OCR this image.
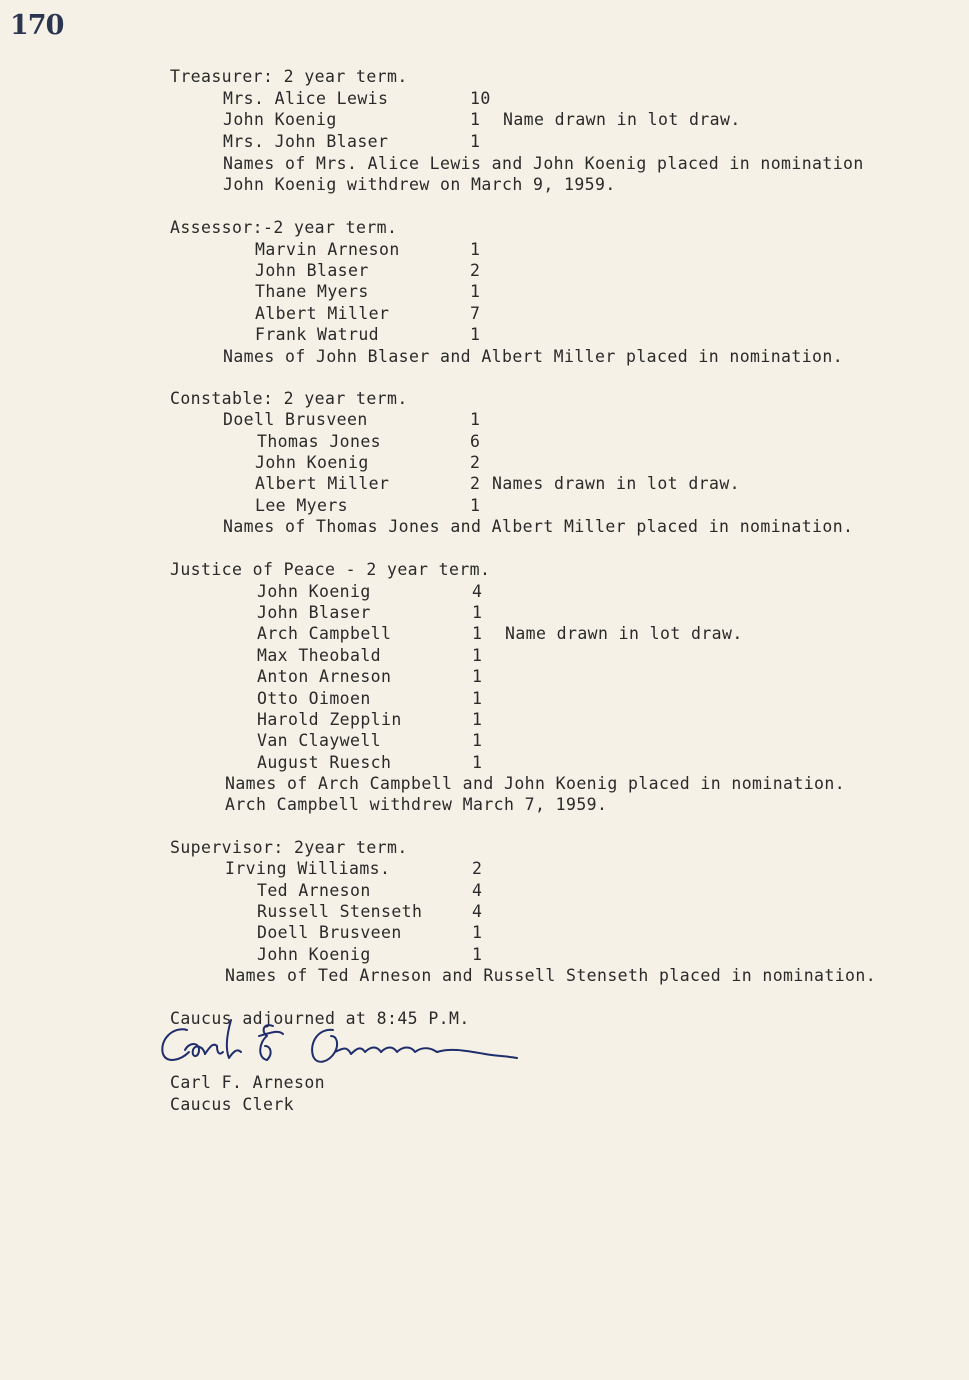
170
Treasurer: 2 year term.
Mrs. Alice Lewis	10
John Koenig	1 Name drawn in lot draw.
Mrs. John Blaser	1
Names of Mrs. Alice Lewis and John Koenig placed in nomination
John Koenig withdrew on March 9, 1959.
Assessor:-2 year term.
Marvin Arneson	1
John Blaser	2
Thane Myers	1
Albert Miller	7
Frank Watrud	1
Names of John Blaser and Albert Miller placed in nomination.
Constable: 2 year term.
Doell Brusveen	1
Thomas Jones	6
John Koenig	2
Albert Miller	2 Names drawn in lot draw.
Lee Myers	1
Names of Thomas Jones and Albert Miller placed in nomination.
Justice of Peace - 2 year term.
John Koenig	4
John Blaser	1
Arch Campbell	1 Name drawn in lot draw.
Max Theobald	1
Anton Arneson	1
Otto Oimoen	1
Harold Zepplin	1
Van Claywell	1
August Ruesch	1
Names of Arch Campbell and John Koenig placed in nomination.
Arch Campbell withdrew March 7, 1959.
Supervisor: 2year term.
Irving Williams.	2
Ted Arneson	4
Russell Stenseth	4
Doell Brusveen	1
John Koenig	1
Names of Ted Arneson and Russell Stenseth placed in nomination.
Caucus adjourned at 8:45 P.M.
Carl F. Arneson
Caucus Clerk
